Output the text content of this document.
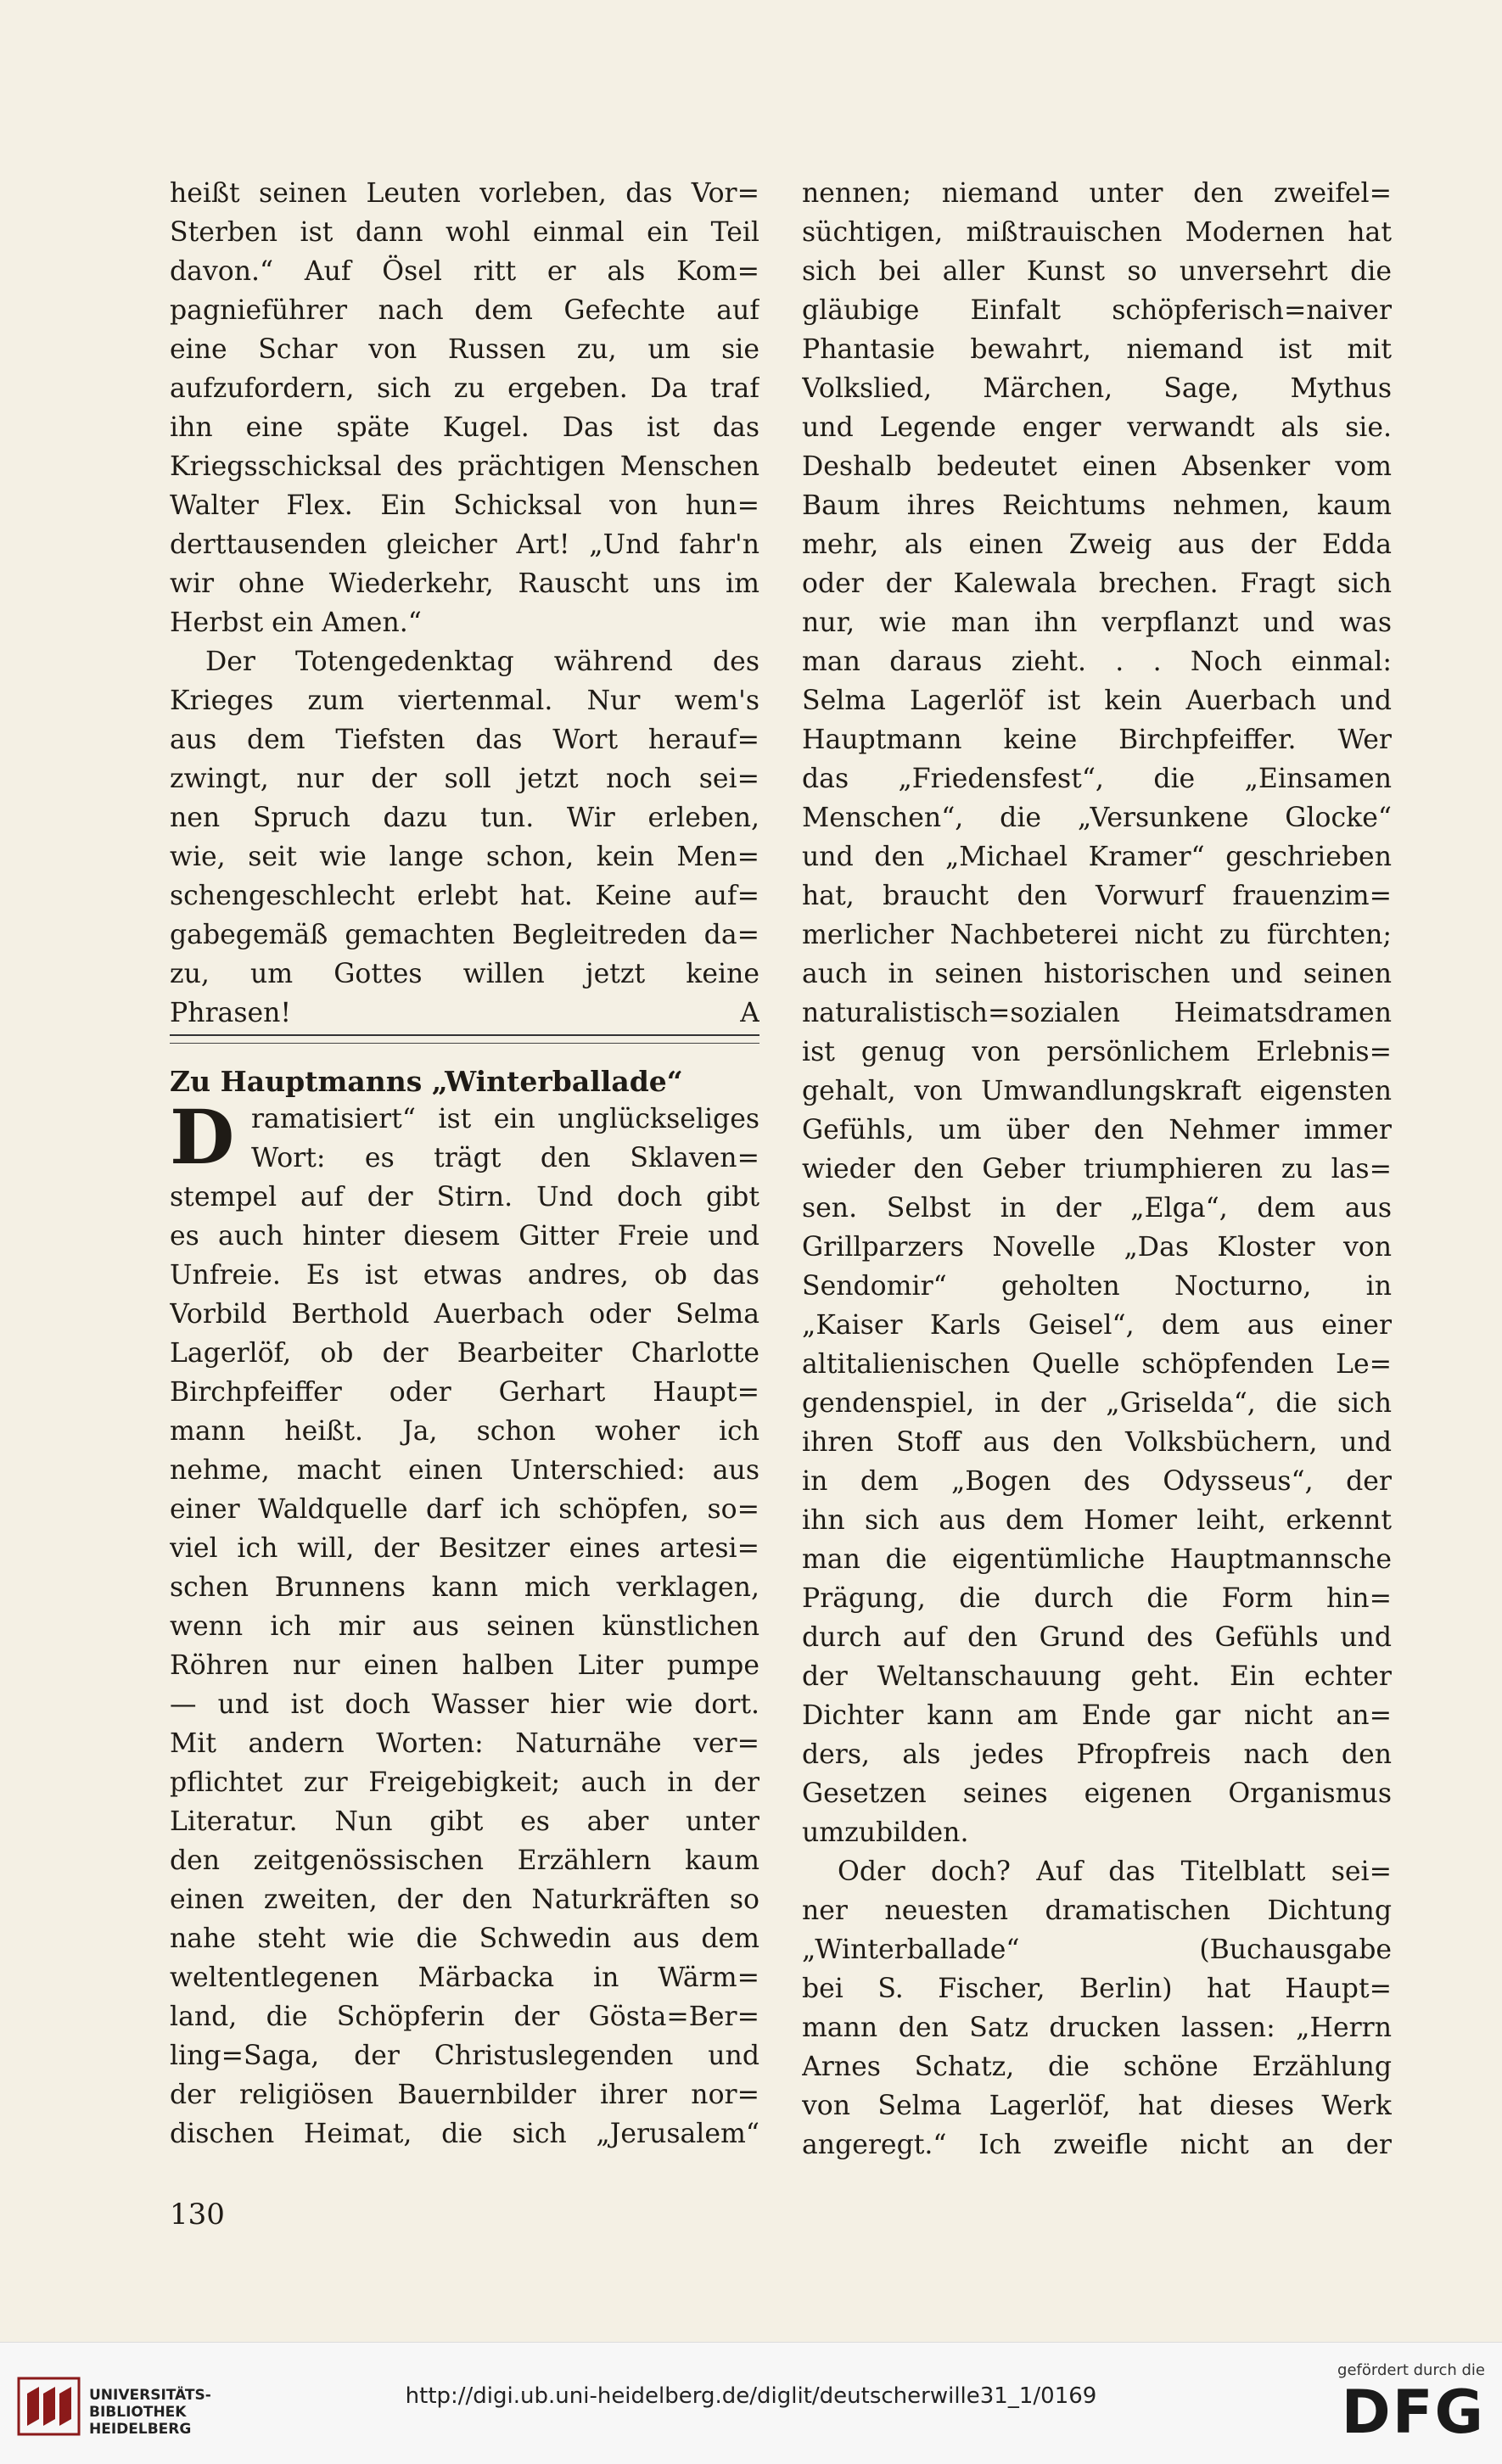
heißt seinen Leuten vorleben, das Vor=
Sterben ist dann wohl einmal ein Teil
davon.“ Auf Ösel ritt er als Kom=
pagnieführer nach dem Gefechte auf
eine Schar von Russen zu, um sie
aufzufordern, sich zu ergeben. Da traf
ihn eine späte Kugel. Das ist das
Kriegsschicksal des prächtigen Menschen
Walter Flex. Ein Schicksal von hun=
derttausenden gleicher Art! „Und fahr'n
wir ohne Wiederkehr, Rauscht uns im
Herbst ein Amen.“
Der Totengedenktag während des
Krieges zum viertenmal. Nur wem's
aus dem Tiefsten das Wort herauf=
zwingt, nur der soll jetzt noch sei=
nen Spruch dazu tun. Wir erleben,
wie, seit wie lange schon, kein Men=
schengeschlecht erlebt hat. Keine auf=
gabegemäß gemachten Begleitreden da=
zu, um Gottes willen jetzt keine
Phrasen!	A
Zu Hauptmanns „Winterballade“
D ramatisiert“ ist ein unglückseliges
Wort: es trägt den Sklaven=
stempel auf der Stirn. Und doch gibt
es auch hinter diesem Gitter Freie und
Unfreie. Es ist etwas andres, ob das
Vorbild Berthold Auerbach oder Selma
Lagerlöf, ob der Bearbeiter Charlotte
Birchpfeiffer oder Gerhart Haupt=
mann heißt. Ja, schon woher ich
nehme, macht einen Unterschied: aus
einer Waldquelle darf ich schöpfen, so=
viel ich will, der Besitzer eines artesi=
schen Brunnens kann mich verklagen,
wenn ich mir aus seinen künstlichen
Röhren nur einen halben Liter pumpe
— und ist doch Wasser hier wie dort.
Mit andern Worten: Naturnähe ver=
pflichtet zur Freigebigkeit; auch in der
Literatur. Nun gibt es aber unter
den zeitgenössischen Erzählern kaum
einen zweiten, der den Naturkräften so
nahe steht wie die Schwedin aus dem
weltentlegenen Märbacka in Wärm=
land, die Schöpferin der Gösta=Ber=
ling=Saga, der Christuslegenden und
der religiösen Bauernbilder ihrer nor=
dischen Heimat, die sich „Jerusalem“
nennen; niemand unter den zweifel=
süchtigen, mißtrauischen Modernen hat
sich bei aller Kunst so unversehrt die
gläubige Einfalt schöpferisch=naiver
Phantasie bewahrt, niemand ist mit
Volkslied, Märchen, Sage, Mythus
und Legende enger verwandt als sie.
Deshalb bedeutet einen Absenker vom
Baum ihres Reichtums nehmen, kaum
mehr, als einen Zweig aus der Edda
oder der Kalewala brechen. Fragt sich
nur, wie man ihn verpflanzt und was
man daraus zieht. . . Noch einmal:
Selma Lagerlöf ist kein Auerbach und
Hauptmann keine Birchpfeiffer. Wer
das „Friedensfest“, die „Einsamen
Menschen“, die „Versunkene Glocke“
und den „Michael Kramer“ geschrieben
hat, braucht den Vorwurf frauenzim=
merlicher Nachbeterei nicht zu fürchten;
auch in seinen historischen und seinen
naturalistisch=sozialen Heimatsdramen
ist genug von persönlichem Erlebnis=
gehalt, von Umwandlungskraft eigensten
Gefühls, um über den Nehmer immer
wieder den Geber triumphieren zu las=
sen. Selbst in der „Elga“, dem aus
Grillparzers Novelle „Das Kloster von
Sendomir“ geholten Nocturno, in
„Kaiser Karls Geisel“, dem aus einer
altitalienischen Quelle schöpfenden Le=
gendenspiel, in der „Griselda“, die sich
ihren Stoff aus den Volksbüchern, und
in dem „Bogen des Odysseus“, der
ihn sich aus dem Homer leiht, erkennt
man die eigentümliche Hauptmannsche
Prägung, die durch die Form hin=
durch auf den Grund des Gefühls und
der Weltanschauung geht. Ein echter
Dichter kann am Ende gar nicht an=
ders, als jedes Pfropfreis nach den
Gesetzen seines eigenen Organismus
umzubilden.
Oder doch? Auf das Titelblatt sei=
ner neuesten dramatischen Dichtung
„Winterballade“ (Buchausgabe
bei S. Fischer, Berlin) hat Haupt=
mann den Satz drucken lassen: „Herrn
Arnes Schatz, die schöne Erzählung
von Selma Lagerlöf, hat dieses Werk
angeregt.“ Ich zweifle nicht an der
130
UNIVERSITÄTS-
BIBLIOTHEK
HEIDELBERG
http://digi.ub.uni-heidelberg.de/diglit/deutscherwille31_1/0169
gefördert durch die
DFG
